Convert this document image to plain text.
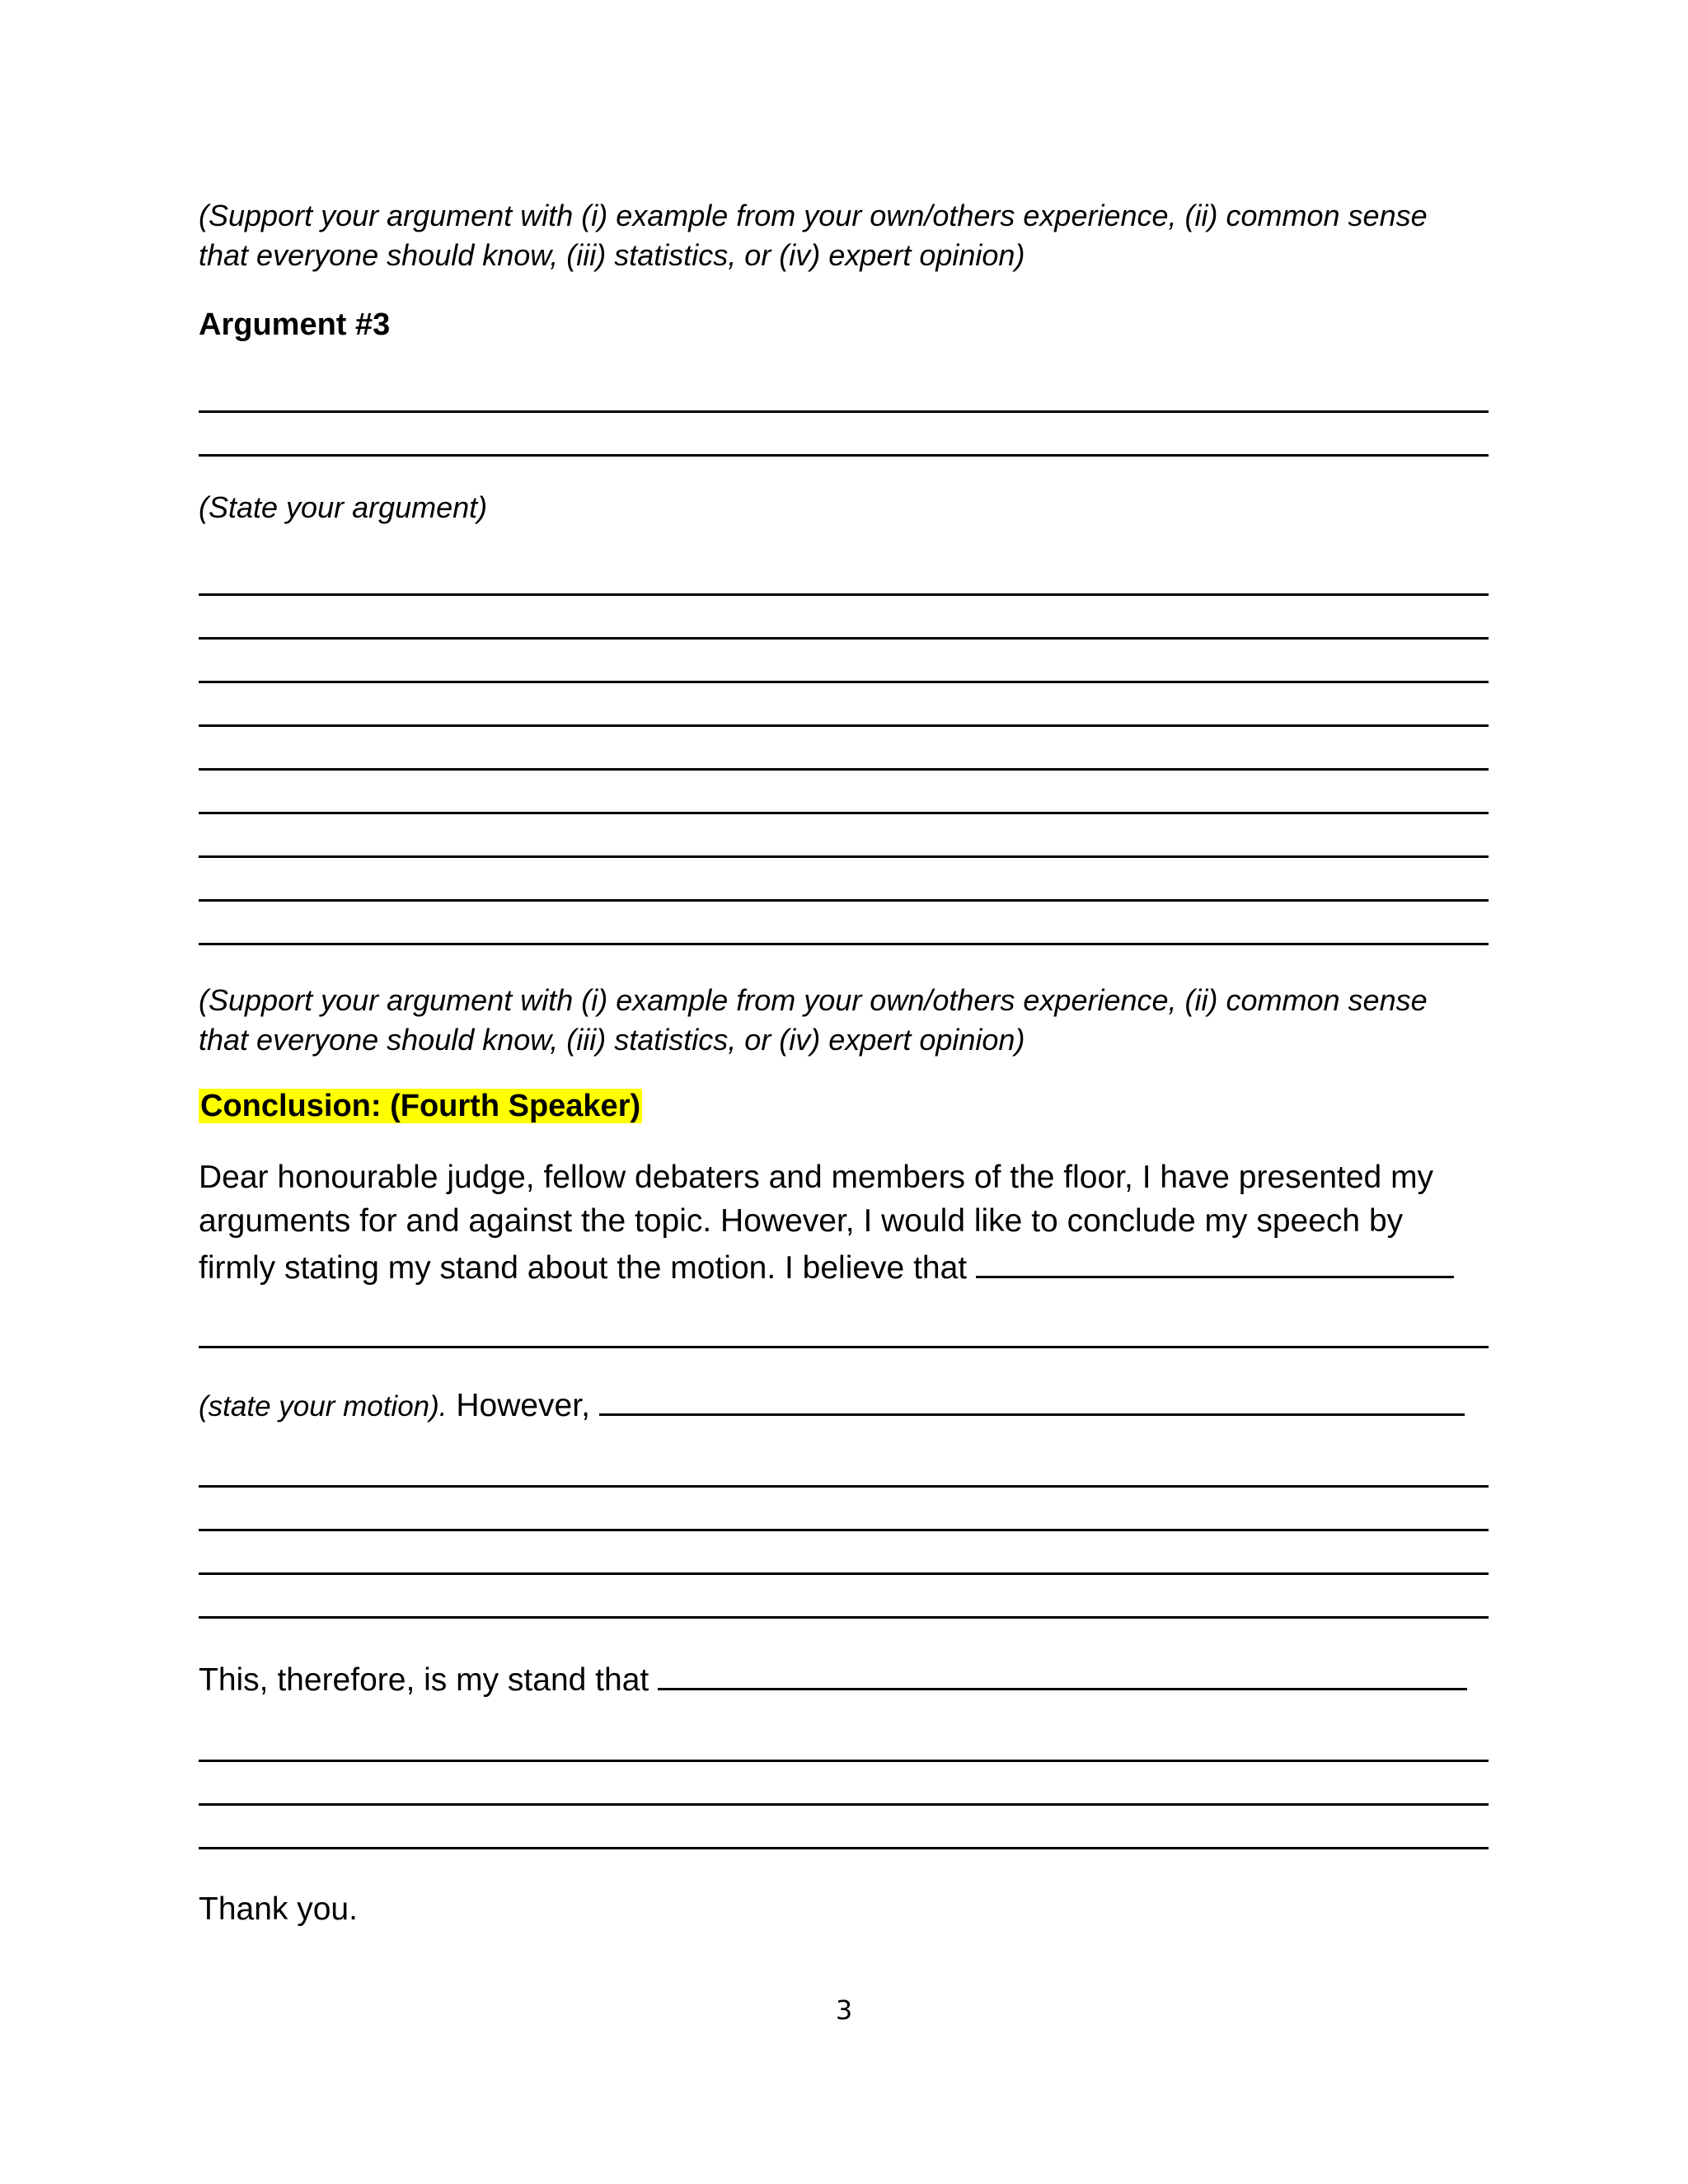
(Support your argument with (i) example from your own/others experience, (ii) common sense

that everyone should know, (iii) statistics, or (iv) expert opinion)

Argument #3

(State your argument)

(Support your argument with (i) example from your own/others experience, (ii) common sense

that everyone should know, (iii) statistics, or (iv) expert opinion)

Conclusion: (Fourth Speaker)

Dear honourable judge, fellow debaters and members of the floor, I have presented my

arguments for and against the topic. However, I would like to conclude my speech by

firmly stating my stand about the motion. I believe that

(state your motion). However,

This, therefore, is my stand that

Thank you.

3
